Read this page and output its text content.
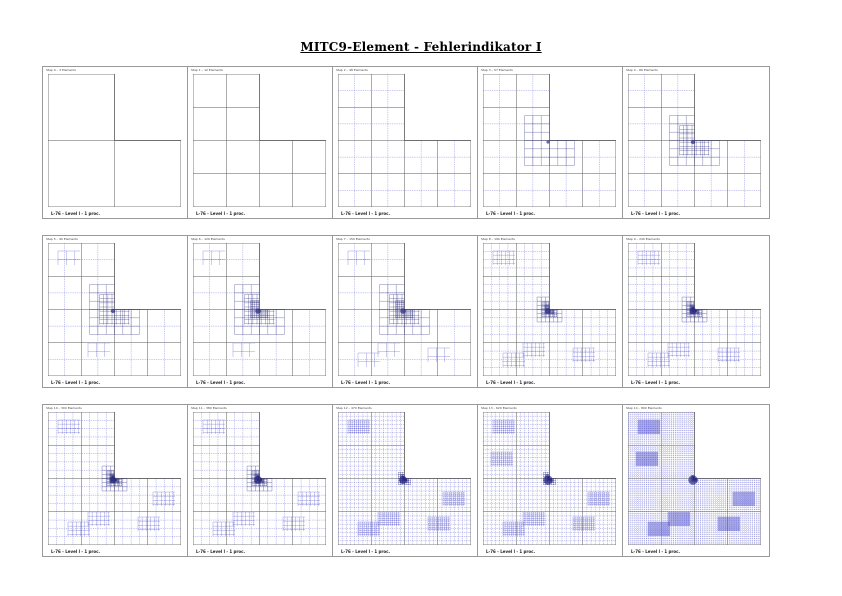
MITC9-Element - Fehlerindikator I
Step 0 – 3 Elements
L-76 - Level l - 1 proc.
Step 1 – 12 Elements
L-76 - Level l - 1 proc.
Step 2 – 48 Elements
L-76 - Level l - 1 proc.
Step 3 – 57 Elements
L-76 - Level l - 1 proc.
Step 4 – 66 Elements
L-76 - Level l - 1 proc.
Step 5 – 90 Elements
L-76 - Level l - 1 proc.
Step 6 – 120 Elements
L-76 - Level l - 1 proc.
Step 7 – 150 Elements
L-76 - Level l - 1 proc.
Step 8 – 190 Elements
L-76 - Level l - 1 proc.
Step 9 – 240 Elements
L-76 - Level l - 1 proc.
Step 10 – 300 Elements
L-76 - Level l - 1 proc.
Step 11 – 380 Elements
L-76 - Level l - 1 proc.
Step 12 – 470 Elements
L-76 - Level l - 1 proc.
Step 13 – 620 Elements
L-76 - Level l - 1 proc.
Step 14 – 800 Elements
L-76 - Level l - 1 proc.
